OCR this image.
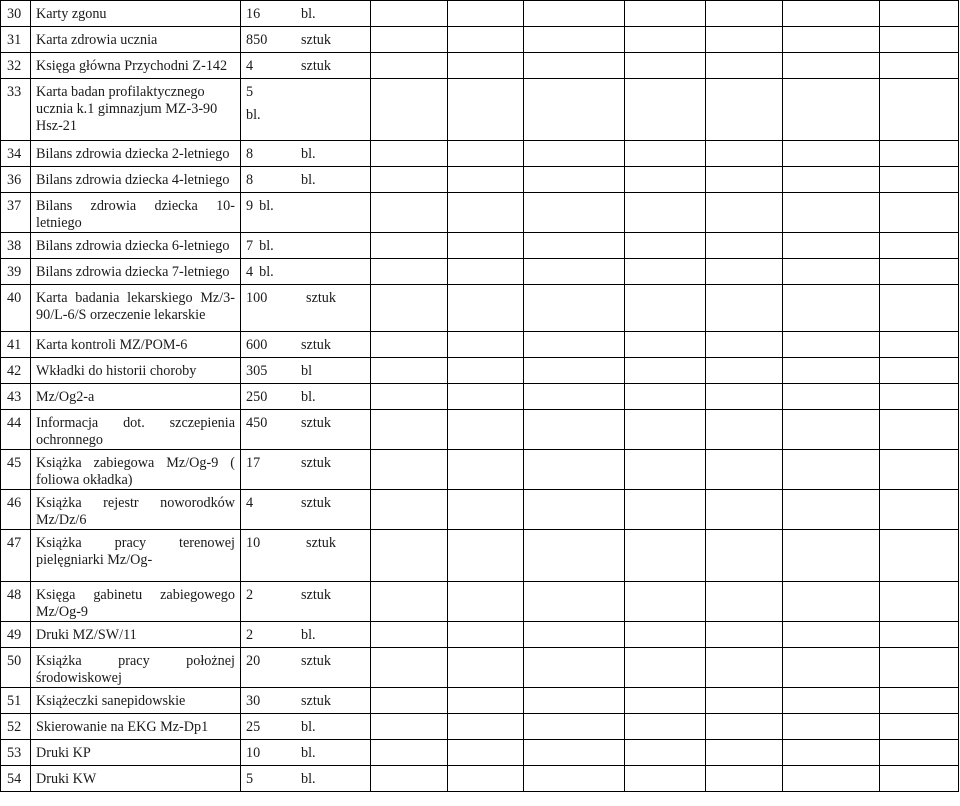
30	Karty zgonu	16 bl.							

31	Karta zdrowia ucznia	850 sztuk							

32	Księga główna Przychodni Z-142	4 sztuk							

33	Karta badan profilaktycznego ucznia k.1 gimnazjum MZ-3-90 Hsz-21	5
bl.							

34	Bilans zdrowia dziecka 2-letniego	8 bl.							

36	Bilans zdrowia dziecka 4-letniego	8 bl.							

37	Bilans zdrowia dziecka 10-letniego	9 bl.							

38	Bilans zdrowia dziecka 6-letniego	7 bl.							

39	Bilans zdrowia dziecka 7-letniego	4 bl.							

40	Karta badania lekarskiego Mz/3-90/L-6/S orzeczenie lekarskie	100 sztuk							

41	Karta kontroli MZ/POM-6	600 sztuk							

42	Wkładki do historii choroby	305 bl							

43	Mz/Og2-a	250 bl.							

44	Informacja dot. szczepienia ochronnego	450 sztuk							

45	Książka zabiegowa Mz/Og-9 ( foliowa okładka)	17 sztuk							

46	Książka rejestr noworodków Mz/Dz/6	4 sztuk							

47	Książka pracy terenowej pielęgniarki Mz/Og-	10 sztuk							

48	Księga gabinetu zabiegowego Mz/Og-9	2 sztuk							

49	Druki MZ/SW/11	2 bl.							

50	Książka pracy położnej środowiskowej	20 sztuk							

51	Książeczki sanepidowskie	30 sztuk							

52	Skierowanie na EKG Mz-Dp1	25 bl.							

53	Druki KP	10 bl.							

54	Druki KW	5 bl.							
